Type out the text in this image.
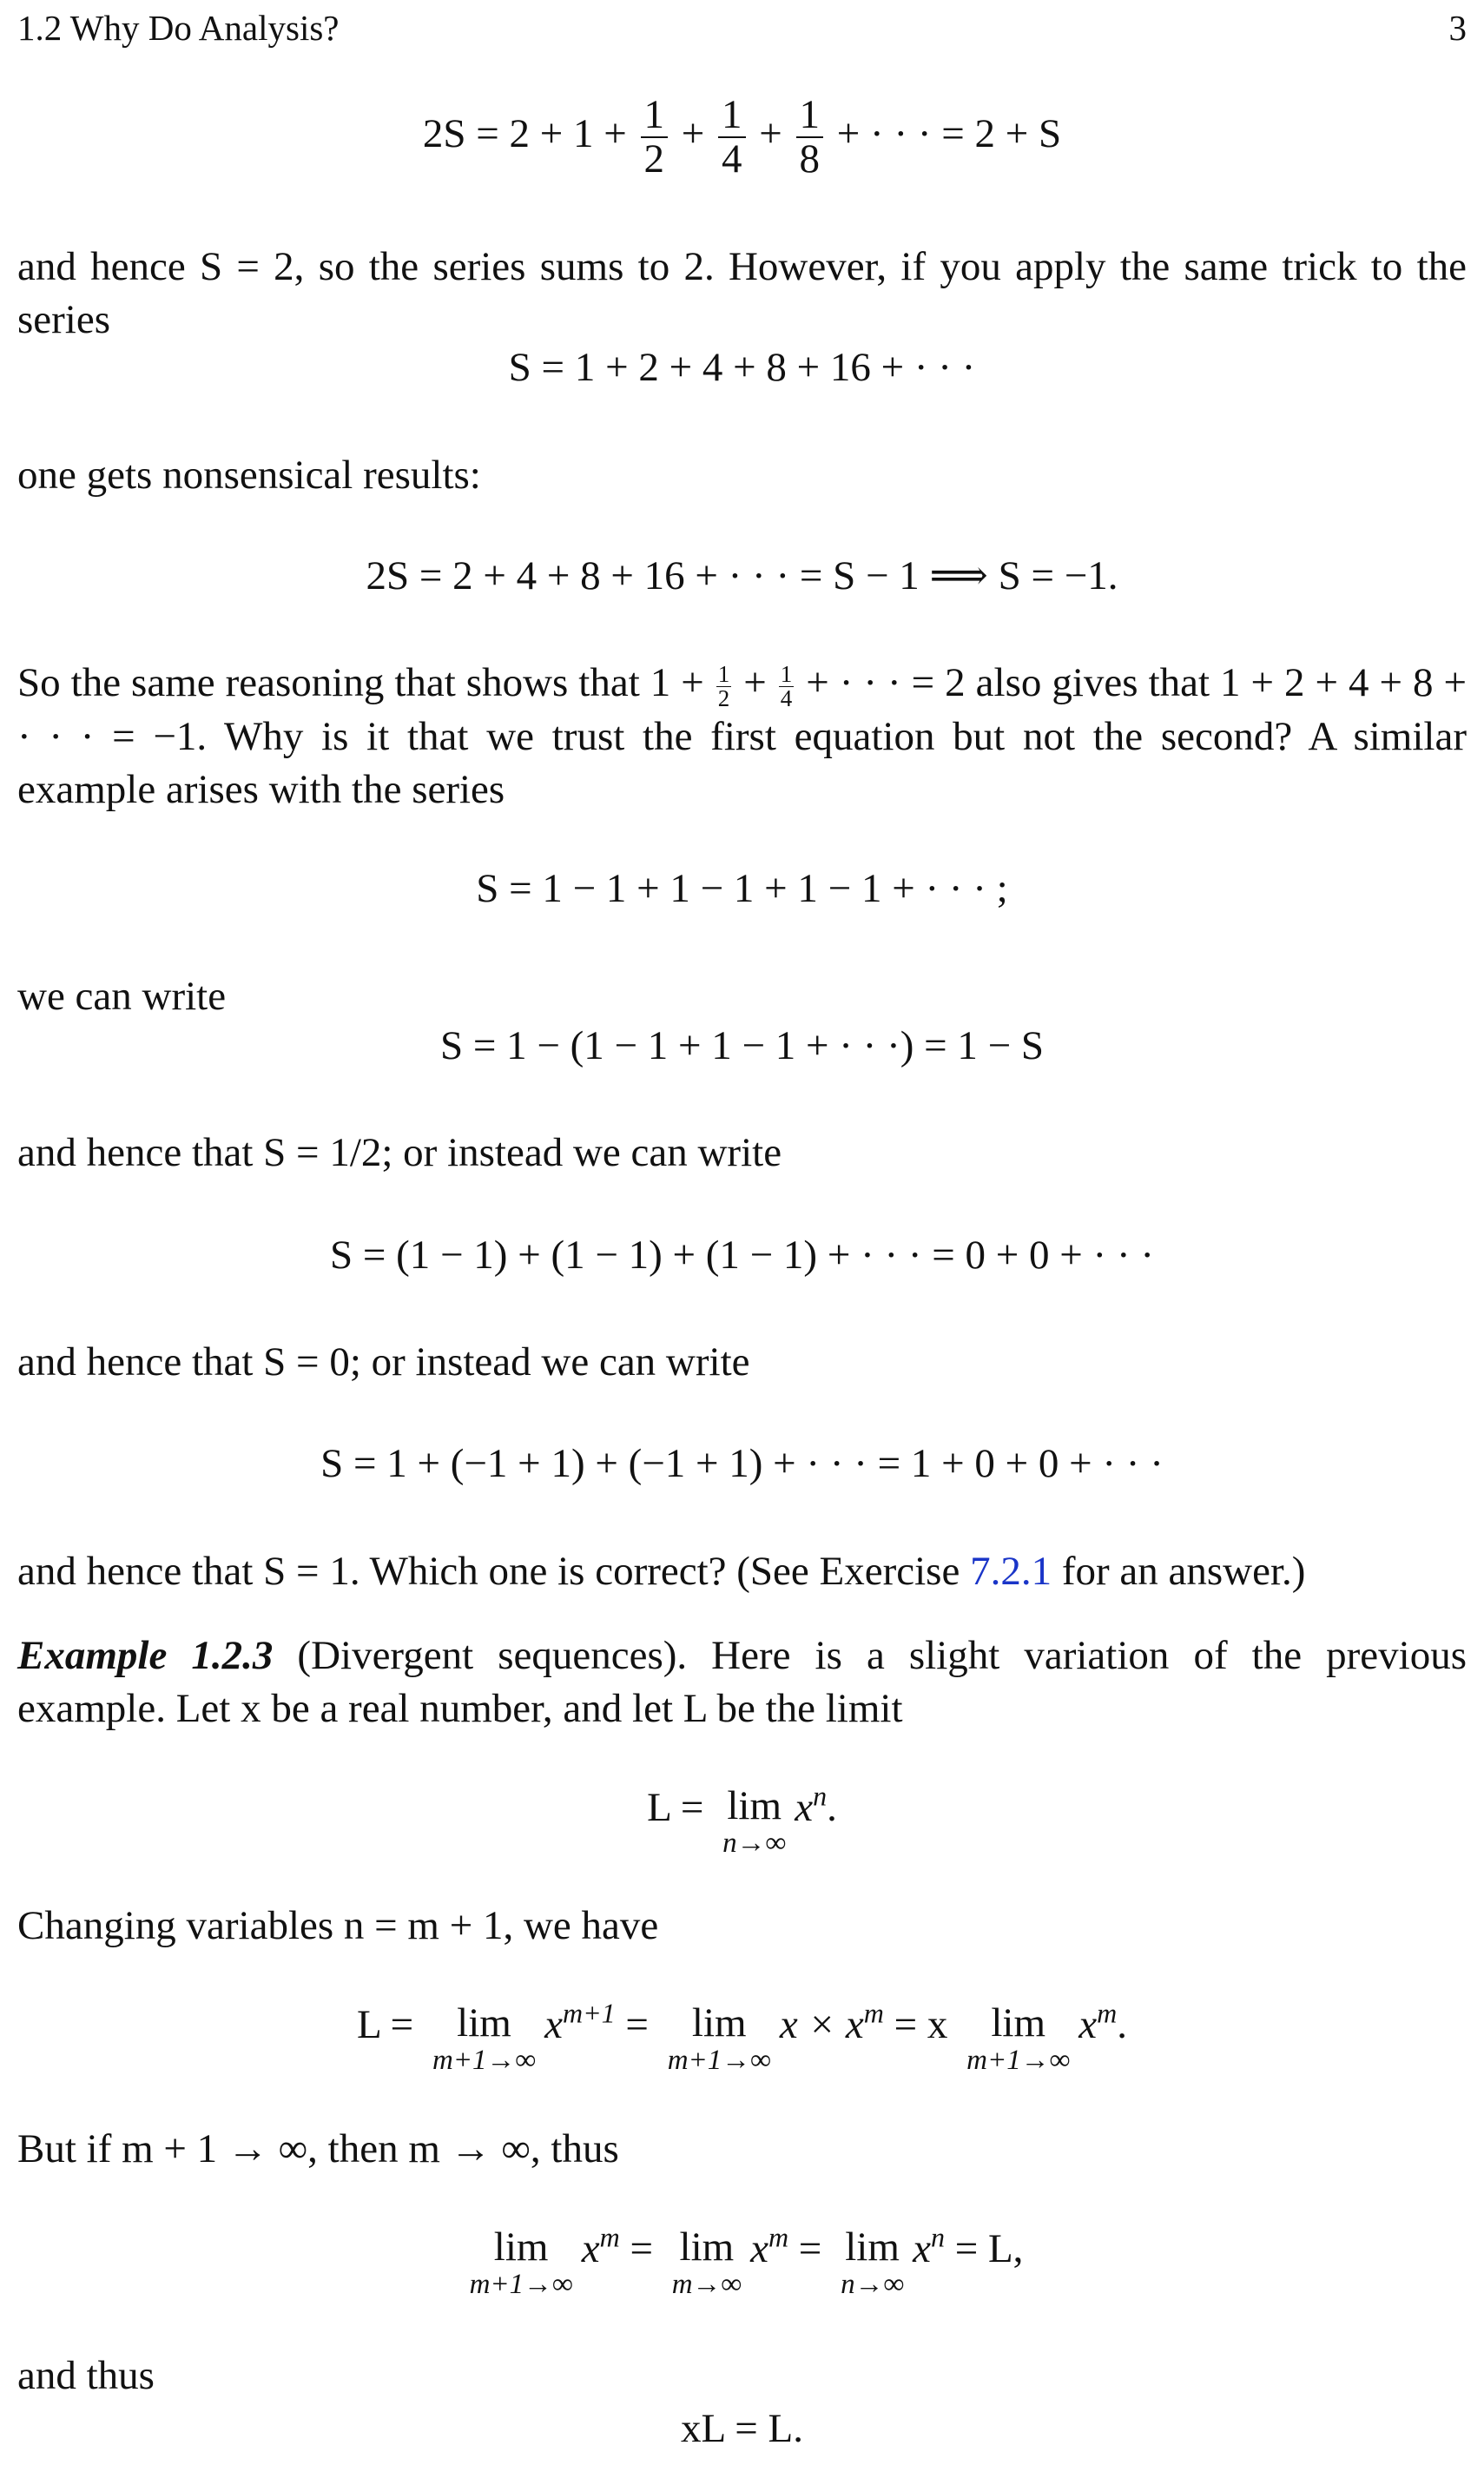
1.2 Why Do Analysis?	3
$2S = 2 + 1 + \frac{1}{2} + \frac{1}{4} + \frac{1}{8}$ + · · · = 2 + S
and hence S = 2, so the series sums to 2. However, if you apply the same trick to the series
S = 1 + 2 + 4 + 8 + 16 + · · ·
one gets nonsensical results:
2S = 2 + 4 + 8 + 16 + · · · = S − 1 ⟹ S = −1.
So the same reasoning that shows that $1 + \frac{1}{2} + \frac{1}{4}$ + · · · = 2 also gives that 1 + 2 + 4 + 8 + · · · = −1. Why is it that we trust the first equation but not the second? A similar example arises with the series
S = 1 − 1 + 1 − 1 + 1 − 1 + · · · ;
we can write
S = 1 − (1 − 1 + 1 − 1 + · · ·) = 1 − S
and hence that S = 1/2; or instead we can write
S = (1 − 1) + (1 − 1) + (1 − 1) + · · · = 0 + 0 + · · ·
and hence that S = 0; or instead we can write
S = 1 + (−1 + 1) + (−1 + 1) + · · · = 1 + 0 + 0 + · · ·
and hence that S = 1. Which one is correct? (See Exercise 7.2.1 for an answer.)
Example 1.2.3 (Divergent sequences). Here is a slight variation of the previous example. Let x be a real number, and let L be the limit
L = lim
n→∞
$x^n$.
Changing variables n = m + 1, we have
L = lim
m+1→∞
$x^{m+1} = \lim$
m+1→∞
$x \times x^m = x$ lim
m+1→∞
$x^m$.
But if m + 1 → ∞, then m → ∞, thus
lim
m+1→∞
$x^m = \lim$
m→∞
$x^m = \lim$
n→∞
$x^n = L$,
and thus
xL = L.
